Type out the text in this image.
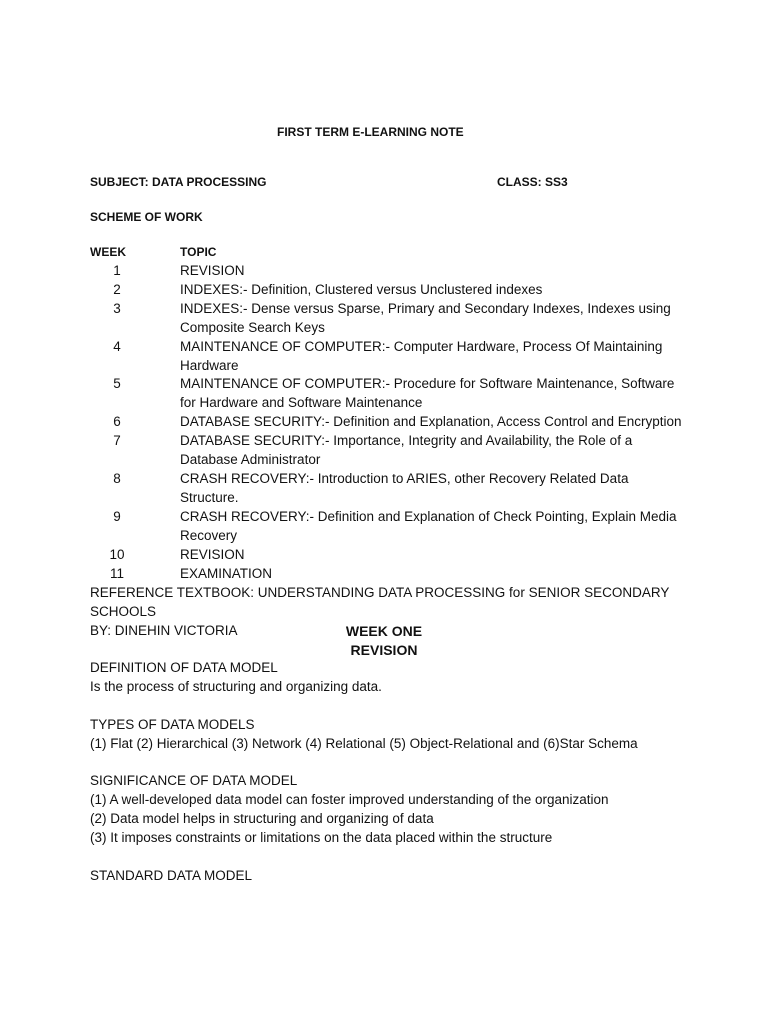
FIRST TERM E-LEARNING NOTE
SUBJECT: DATA PROCESSING	CLASS: SS3
SCHEME OF WORK
WEEK	TOPIC
1	REVISION
2	INDEXES:- Definition, Clustered versus Unclustered indexes
3	INDEXES:- Dense versus Sparse, Primary and Secondary Indexes, Indexes using
Composite Search Keys
4	MAINTENANCE OF COMPUTER:- Computer Hardware, Process Of Maintaining
Hardware
5	MAINTENANCE OF COMPUTER:- Procedure for Software Maintenance, Software
for Hardware and Software Maintenance
6	DATABASE SECURITY:- Definition and Explanation, Access Control and Encryption
7	DATABASE SECURITY:- Importance, Integrity and Availability, the Role of a
Database Administrator
8	CRASH RECOVERY:- Introduction to ARIES, other Recovery Related Data
Structure.
9	CRASH RECOVERY:- Definition and Explanation of Check Pointing, Explain Media
Recovery
10	REVISION
11	EXAMINATION
REFERENCE TEXTBOOK: UNDERSTANDING DATA PROCESSING for SENIOR SECONDARY SCHOOLS
BY: DINEHIN VICTORIA	WEEK ONE
REVISION
DEFINITION OF DATA MODEL
Is the process of structuring and organizing data.
TYPES OF DATA MODELS
(1) Flat (2) Hierarchical (3) Network (4) Relational (5) Object-Relational and (6)Star Schema
SIGNIFICANCE OF DATA MODEL
(1) A well-developed data model can foster improved understanding of the organization
(2) Data model helps in structuring and organizing of data
(3) It imposes constraints or limitations on the data placed within the structure
STANDARD DATA MODEL
